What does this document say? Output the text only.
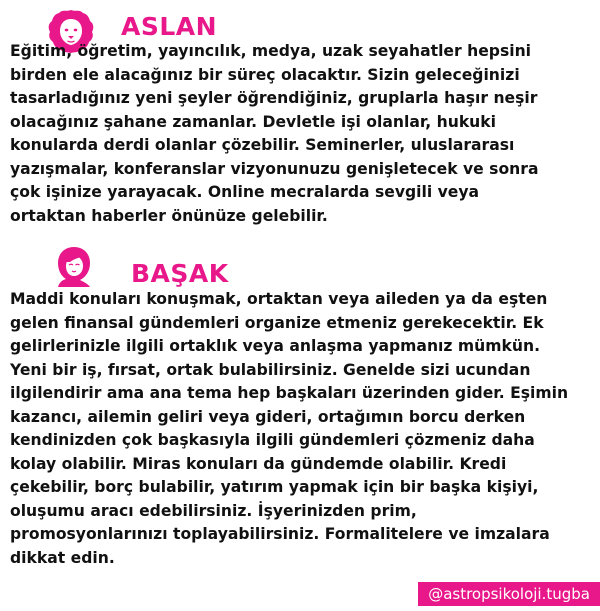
ASLAN

Eğitim, öğretim, yayıncılık, medya, uzak seyahatler hepsini
birden ele alacağınız bir süreç olacaktır. Sizin geleceğinizi
tasarladığınız yeni şeyler öğrendiğiniz, gruplarla haşır neşir
olacağınız şahane zamanlar. Devletle işi olanlar, hukuki
konularda derdi olanlar çözebilir. Seminerler, uluslararası
yazışmalar, konferanslar vizyonunuzu genişletecek ve sonra
çok işinize yarayacak. Online mecralarda sevgili veya
ortaktan haberler önünüze gelebilir.

BAŞAK

Maddi konuları konuşmak, ortaktan veya aileden ya da eşten
gelen finansal gündemleri organize etmeniz gerekecektir. Ek
gelirlerinizle ilgili ortaklık veya anlaşma yapmanız mümkün.
Yeni bir iş, fırsat, ortak bulabilirsiniz. Genelde sizi ucundan
ilgilendirir ama ana tema hep başkaları üzerinden gider. Eşimin
kazancı, ailemin geliri veya gideri, ortağımın borcu derken
kendinizden çok başkasıyla ilgili gündemleri çözmeniz daha
kolay olabilir. Miras konuları da gündemde olabilir. Kredi
çekebilir, borç bulabilir, yatırım yapmak için bir başka kişiyi,
oluşumu aracı edebilirsiniz. İşyerinizden prim,
promosyonlarınızı toplayabilirsiniz. Formalitelere ve imzalara
dikkat edin.

@astropsikoloji.tugba
